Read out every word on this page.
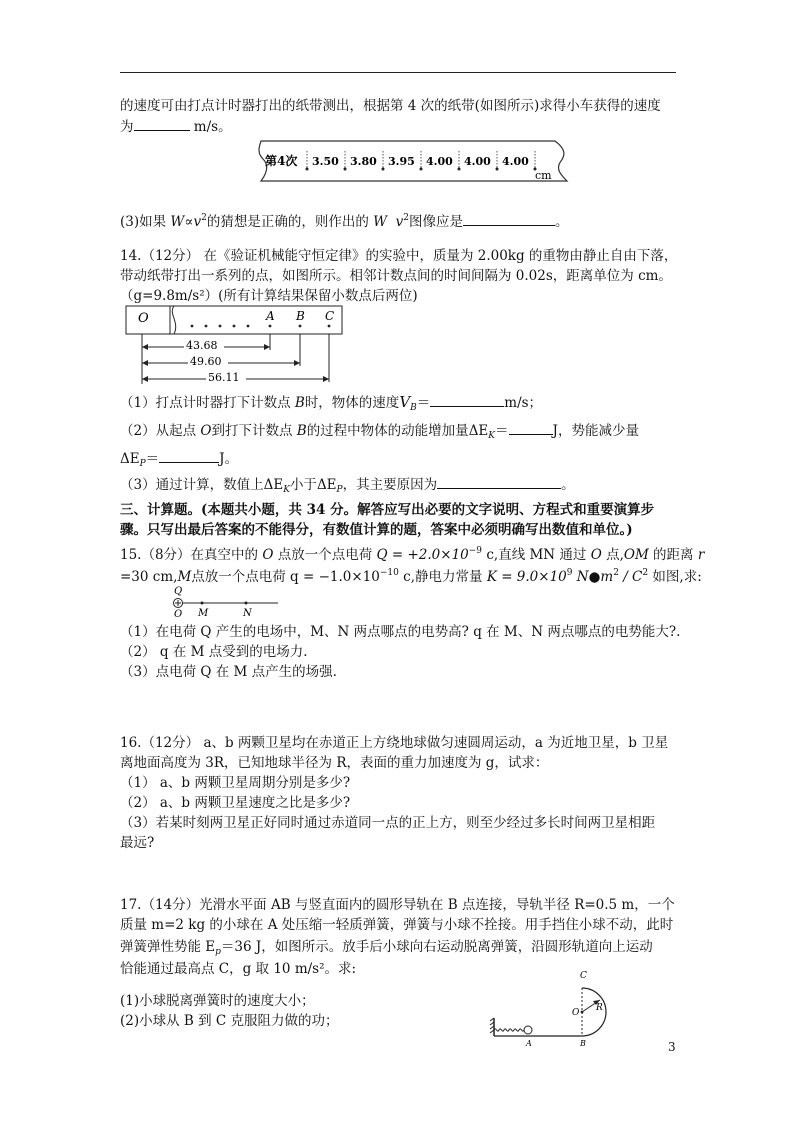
的速度可由打点计时器打出的纸带测出，根据第 4 次的纸带(如图所示)求得小车获得的速度
为	m/s。
第4次 3.50 3.80 3.95 4.00 4.00 4.00
cm
(3)如果 $W\propto v^2$的猜想是正确的，则作出的 W $v^2$图像应是	。
14.（12分） 在《验证机械能守恒定律》的实验中，质量为 2.00kg 的重物由静止自由下落，
带动纸带打出一系列的点，如图所示。相邻计数点间的时间间隔为 0.02s，距离单位为 cm。
（g=9.8m/s²）(所有计算结果保留小数点后两位)
O	A B C
43.68
49.60
56.11
（1）打点计时器打下计数点 B时，物体的速度$V_B=$	m/s；
（2）从起点 O到打下计数点 B的过程中物体的动能增加量$\Delta E_K=$	J，势能减少量
$\Delta E_P=$	J。
（3）通过计算，数值上$\Delta E_K$小于$\Delta E_P$，其主要原因为	。
三、计算题。(本题共小题，共 34 分。解答应写出必要的文字说明、方程式和重要演算步
骤。只写出最后答案的不能得分，有数值计算的题，答案中必须明确写出数值和单位。)
15.（8分）在真空中的 O 点放一个点电荷 $Q = +2.0\times 10^{-9}$ c,直线 MN 通过 O 点,OM 的距离 r
=30 cm,M点放一个点电荷 $q = -1.0\times 10^{-10}$ c,静电力常量 $K = 9.0\times 10^9$ $N●m^2 / C^2$ 如图,求:
Q
O M	N
（1）在电荷 Q 产生的电场中，M、N 两点哪点的电势高? q 在 M、N 两点哪点的电势能大?.
（2） q 在 M 点受到的电场力.
（3）点电荷 Q 在 M 点产生的场强.
16.（12分） a、b 两颗卫星均在赤道正上方绕地球做匀速圆周运动，a 为近地卫星，b 卫星
离地面高度为 3R，已知地球半径为 R，表面的重力加速度为 g，试求：
（1） a、b 两颗卫星周期分别是多少?
（2） a、b 两颗卫星速度之比是多少?
（3）若某时刻两卫星正好同时通过赤道同一点的正上方，则至少经过多长时间两卫星相距
最远?
17.（14分）光滑水平面 AB 与竖直面内的圆形导轨在 B 点连接，导轨半径 R=0.5 m，一个
质量 m=2 kg 的小球在 A 处压缩一轻质弹簧，弹簧与小球不拴接。用手挡住小球不动，此时
弹簧弹性势能 $E_p=36$ J，如图所示。放手后小球向右运动脱离弹簧，沿圆形轨道向上运动
恰能通过最高点 C，g 取 10 m/s²。求:
(1)小球脱离弹簧时的速度大小；
(2)小球从 B 到 C 克服阻力做的功；
C
O R
A	B	3
